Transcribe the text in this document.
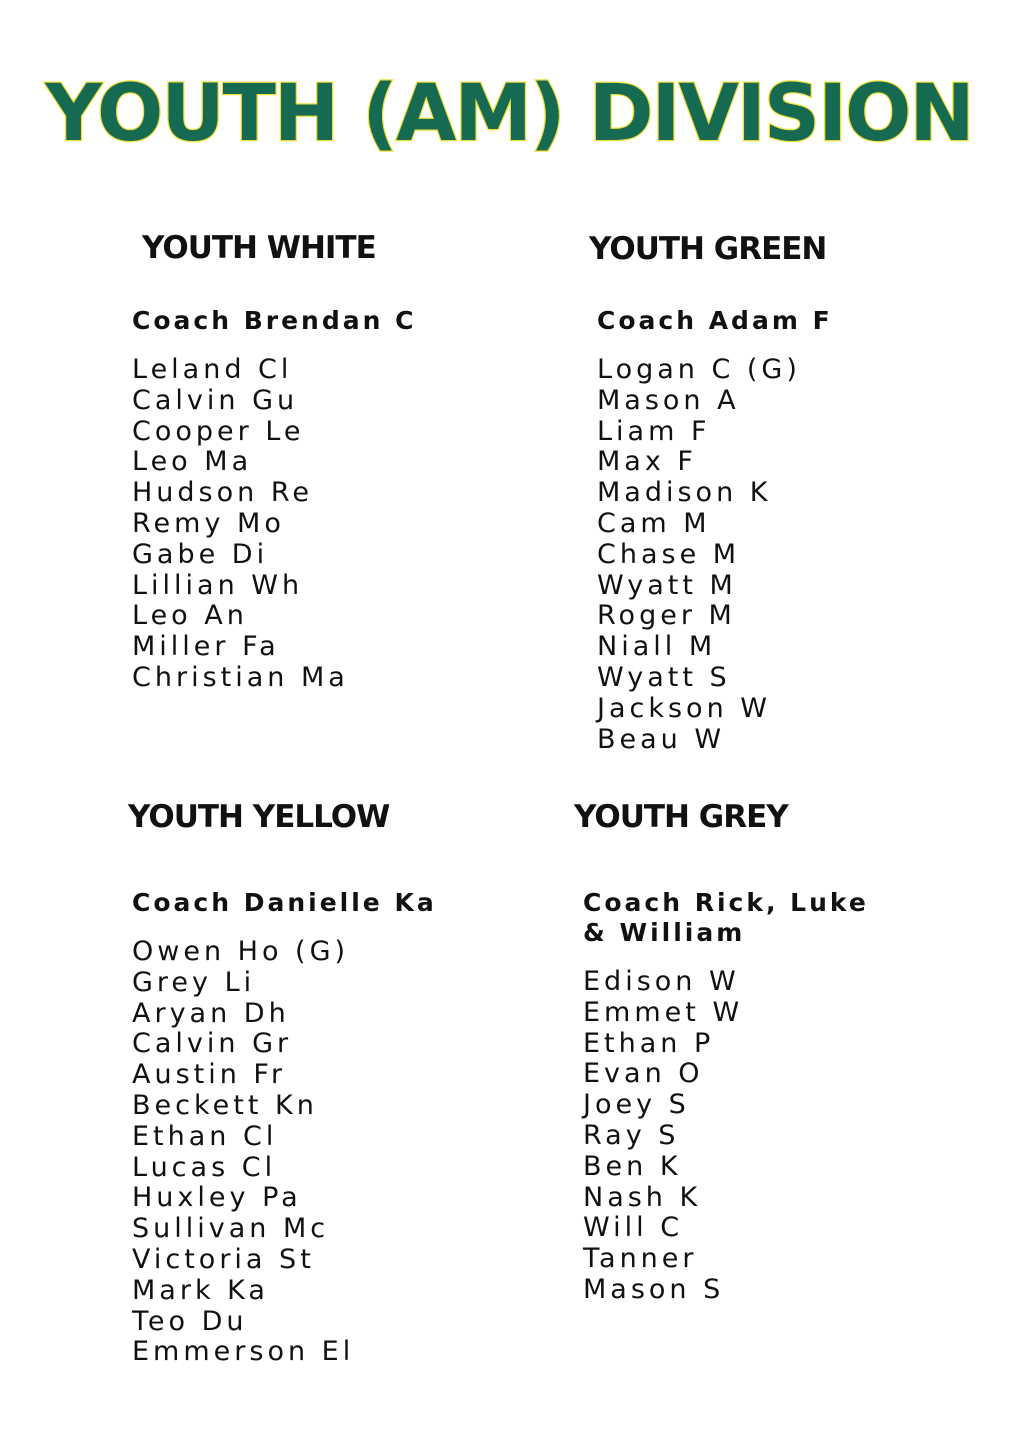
YOUTH (AM) DIVISION
YOUTH WHITE
Coach Brendan C
Leland Cl
Calvin Gu
Cooper Le
Leo Ma
Hudson Re
Remy Mo
Gabe Di
Lillian Wh
Leo An
Miller Fa
Christian Ma
YOUTH GREEN
Coach Adam F
Logan C (G)
Mason A
Liam F
Max F
Madison K
Cam M
Chase M
Wyatt M
Roger M
Niall M
Wyatt S
Jackson W
Beau W
YOUTH YELLOW
Coach Danielle Ka
Owen Ho (G)
Grey Li
Aryan Dh
Calvin Gr
Austin Fr
Beckett Kn
Ethan Cl
Lucas Cl
Huxley Pa
Sullivan Mc
Victoria St
Mark Ka
Teo Du
Emmerson El
YOUTH GREY
Coach Rick, Luke
& William
Edison W
Emmet W
Ethan P
Evan O
Joey S
Ray S
Ben K
Nash K
Will C
Tanner
Mason S
